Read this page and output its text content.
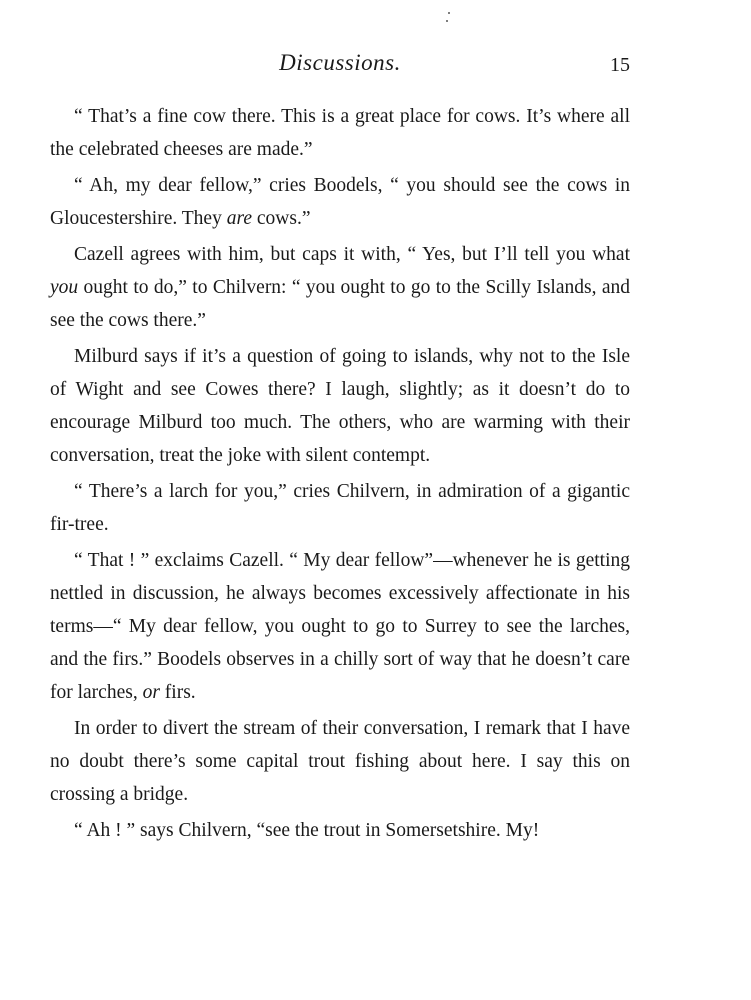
Discussions.	15

“ That’s a fine cow there. This is a great place for cows. It’s where all the celebrated cheeses are made.”

“ Ah, my dear fellow,” cries Boodels, “ you should see the cows in Gloucestershire. They are cows.”

Cazell agrees with him, but caps it with, “ Yes, but I’ll tell you what you ought to do,” to Chilvern: “ you ought to go to the Scilly Islands, and see the cows there.”

Milburd says if it’s a question of going to islands, why not to the Isle of Wight and see Cowes there? I laugh, slightly; as it doesn’t do to encourage Milburd too much. The others, who are warming with their conversation, treat the joke with silent contempt.

“ There’s a larch for you,” cries Chilvern, in admiration of a gigantic fir-tree.

“ That ! ” exclaims Cazell. “ My dear fellow”—whenever he is getting nettled in discussion, he always becomes excessively affectionate in his terms—“ My dear fellow, you ought to go to Surrey to see the larches, and the firs.” Boodels observes in a chilly sort of way that he doesn’t care for larches, or firs.

In order to divert the stream of their conversation, I remark that I have no doubt there’s some capital trout fishing about here. I say this on crossing a bridge.

“ Ah ! ” says Chilvern, “see the trout in Somersetshire. My!
